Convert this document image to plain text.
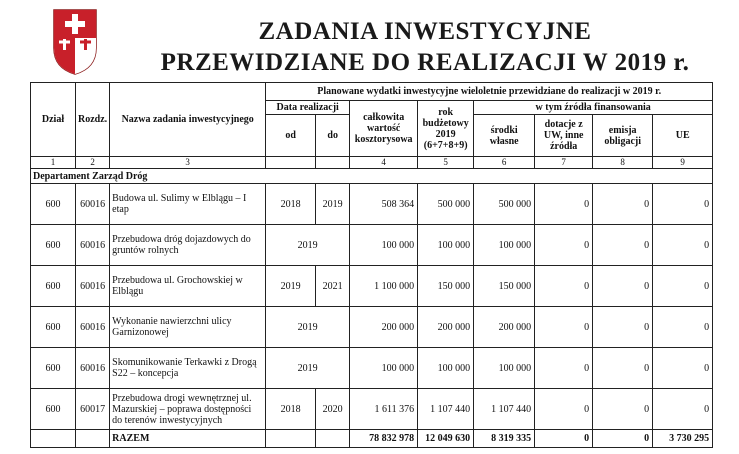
ZADANIA INWESTYCYJNE
PRZEWIDZIANE DO REALIZACJI W 2019 r.
Dział	Rozdz.	Nazwa zadania inwestycyjnego	Planowane wydatki inwestycyjne wieloletnie przewidziane do realizacji w 2019 r.							
			Data realizacji		całkowita wartość kosztorysowa	rok budżetowy 2019 (6+7+8+9)	w tym źródła finansowania			
			od	do			środki własne	dotacje z UW, inne źródła	emisja obligacji	UE
1	2	3			4	5	6	7	8	9
Departament Zarząd Dróg										
600	60016	Budowa ul. Sulimy w Elblągu – I etap	2018	2019	508 364	500 000	500 000	0	0	0
600	60016	Przebudowa dróg dojazdowych do gruntów rolnych	2019		100 000	100 000	100 000	0	0	0
600	60016	Przebudowa ul. Grochowskiej w Elblągu	2019	2021	1 100 000	150 000	150 000	0	0	0
600	60016	Wykonanie nawierzchni ulicy Garnizonowej	2019		200 000	200 000	200 000	0	0	0
600	60016	Skomunikowanie Terkawki z Drogą S22 – koncepcja	2019		100 000	100 000	100 000	0	0	0
600	60017	Przebudowa drogi wewnętrznej ul. Mazurskiej – poprawa dostępności do terenów inwestycyjnych	2018	2020	1 611 376	1 107 440	1 107 440	0	0	0
		RAZEM			78 832 978	12 049 630	8 319 335	0	0	3 730 295
